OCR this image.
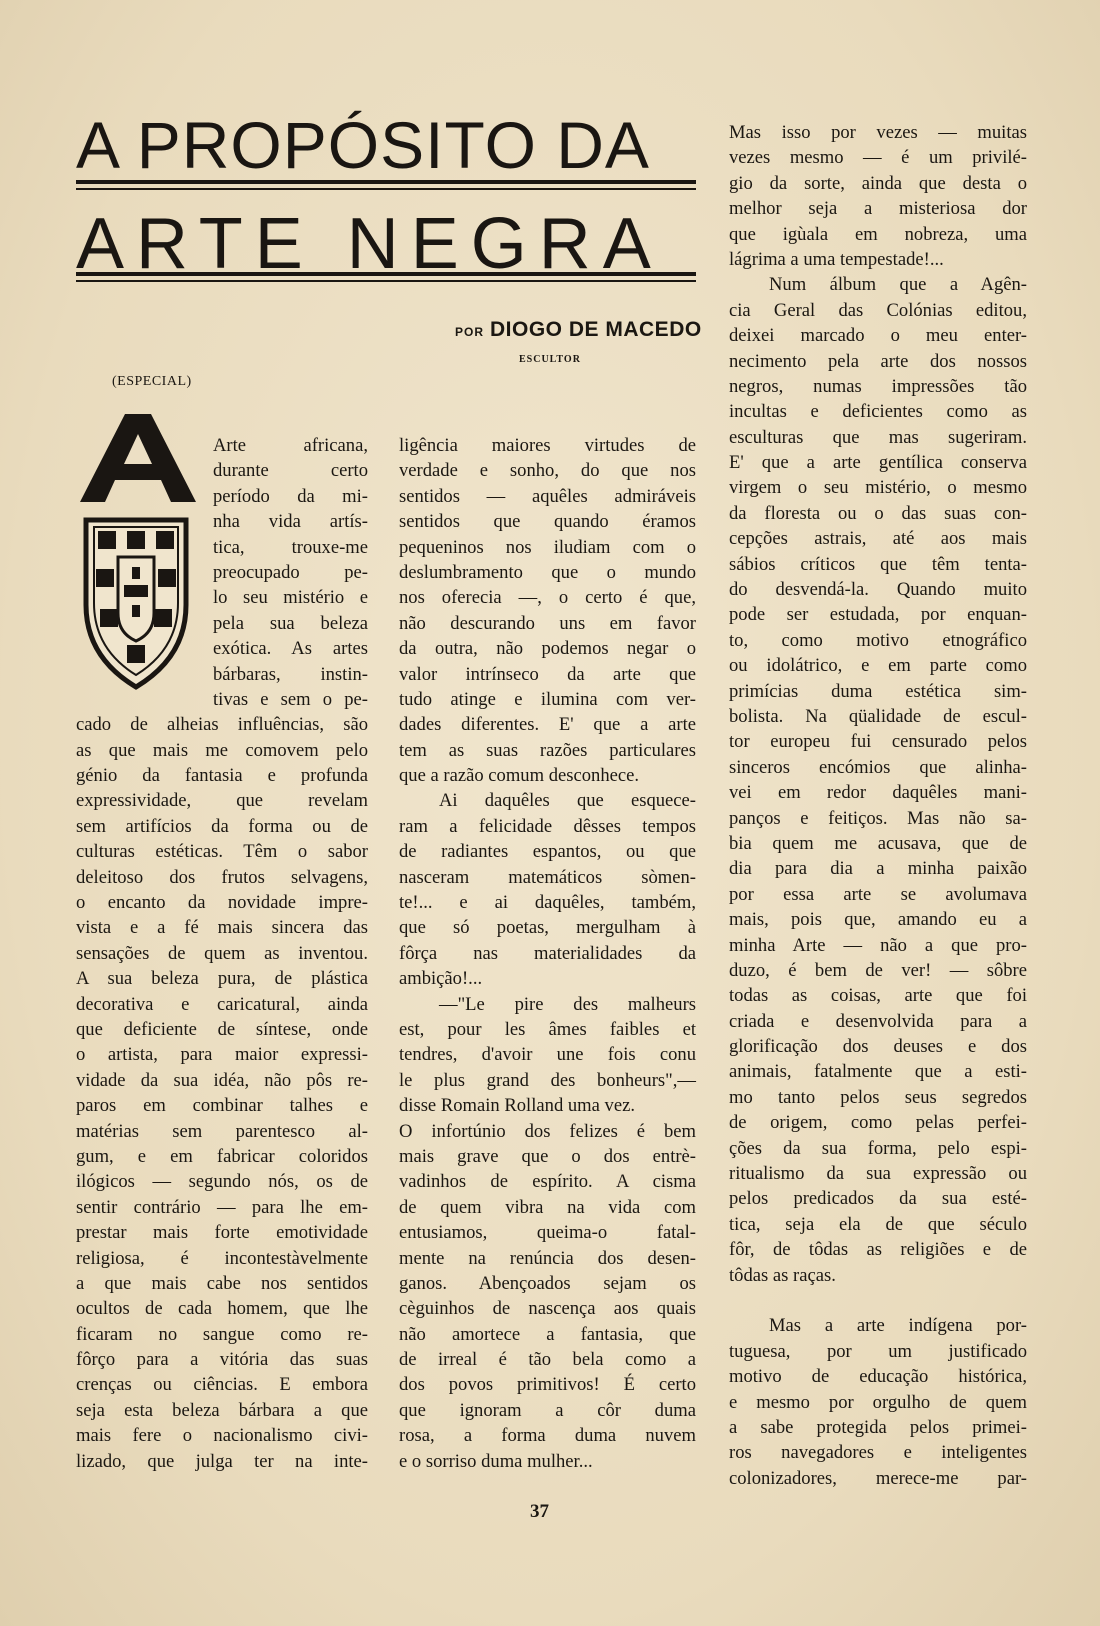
A PROPÓSITO DA
ARTE NEGRA
POR DIOGO DE MACEDO
ESCULTOR
(ESPECIAL)
Arte africana,
durante certo
período da mi-
nha vida artís-
tica, trouxe-me
preocupado pe-
lo seu mistério e
pela sua beleza
exótica. As artes
bárbaras, instin-
tivas e sem o pe-
cado de alheias influências, são
as que mais me comovem pelo
génio da fantasia e profunda
expressividade, que revelam
sem artifícios da forma ou de
culturas estéticas. Têm o sabor
deleitoso dos frutos selvagens,
o encanto da novidade impre-
vista e a fé mais sincera das
sensações de quem as inventou.
A sua beleza pura, de plástica
decorativa e caricatural, ainda
que deficiente de síntese, onde
o artista, para maior expressi-
vidade da sua idéa, não pôs re-
paros em combinar talhes e
matérias sem parentesco al-
gum, e em fabricar coloridos
ilógicos — segundo nós, os de
sentir contrário — para lhe em-
prestar mais forte emotividade
religiosa, é incontestàvelmente
a que mais cabe nos sentidos
ocultos de cada homem, que lhe
ficaram no sangue como re-
fôrço para a vitória das suas
crenças ou ciências. E embora
seja esta beleza bárbara a que
mais fere o nacionalismo civi-
lizado, que julga ter na inte-
ligência maiores virtudes de
verdade e sonho, do que nos
sentidos — aquêles admiráveis
sentidos que quando éramos
pequeninos nos iludiam com o
deslumbramento que o mundo
nos oferecia —, o certo é que,
não descurando uns em favor
da outra, não podemos negar o
valor intrínseco da arte que
tudo atinge e ilumina com ver-
dades diferentes. E' que a arte
tem as suas razões particulares
que a razão comum desconhece.
Ai daquêles que esquece-
ram a felicidade dêsses tempos
de radiantes espantos, ou que
nasceram matemáticos sòmen-
te!... e ai daquêles, também,
que só poetas, mergulham à
fôrça nas materialidades da
ambição!...
—"Le pire des malheurs
est, pour les âmes faibles et
tendres, d'avoir une fois conu
le plus grand des bonheurs",—
disse Romain Rolland uma vez.
O infortúnio dos felizes é bem
mais grave que o dos entrè-
vadinhos de espírito. A cisma
de quem vibra na vida com
entusiamos, queima-o fatal-
mente na renúncia dos desen-
ganos. Abençoados sejam os
cèguinhos de nascença aos quais
não amortece a fantasia, que
de irreal é tão bela como a
dos povos primitivos! É certo
que ignoram a côr duma
rosa, a forma duma nuvem
e o sorriso duma mulher...
Mas isso por vezes — muitas
vezes mesmo — é um privilé-
gio da sorte, ainda que desta o
melhor seja a misteriosa dor
que igùala em nobreza, uma
lágrima a uma tempestade!...
Num álbum que a Agên-
cia Geral das Colónias editou,
deixei marcado o meu enter-
necimento pela arte dos nossos
negros, numas impressões tão
incultas e deficientes como as
esculturas que mas sugeriram.
E' que a arte gentílica conserva
virgem o seu mistério, o mesmo
da floresta ou o das suas con-
cepções astrais, até aos mais
sábios críticos que têm tenta-
do desvendá-la. Quando muito
pode ser estudada, por enquan-
to, como motivo etnográfico
ou idolátrico, e em parte como
primícias duma estética sim-
bolista. Na qüalidade de escul-
tor europeu fui censurado pelos
sinceros encómios que alinha-
vei em redor daquêles mani-
panços e feitiços. Mas não sa-
bia quem me acusava, que de
dia para dia a minha paixão
por essa arte se avolumava
mais, pois que, amando eu a
minha Arte — não a que pro-
duzo, é bem de ver! — sôbre
todas as coisas, arte que foi
criada e desenvolvida para a
glorificação dos deuses e dos
animais, fatalmente que a esti-
mo tanto pelos seus segredos
de origem, como pelas perfei-
ções da sua forma, pelo espi-
ritualismo da sua expressão ou
pelos predicados da sua esté-
tica, seja ela de que século
fôr, de tôdas as religiões e de
tôdas as raças.
Mas a arte indígena por-
tuguesa, por um justificado
motivo de educação histórica,
e mesmo por orgulho de quem
a sabe protegida pelos primei-
ros navegadores e inteligentes
colonizadores, merece-me par-
37
